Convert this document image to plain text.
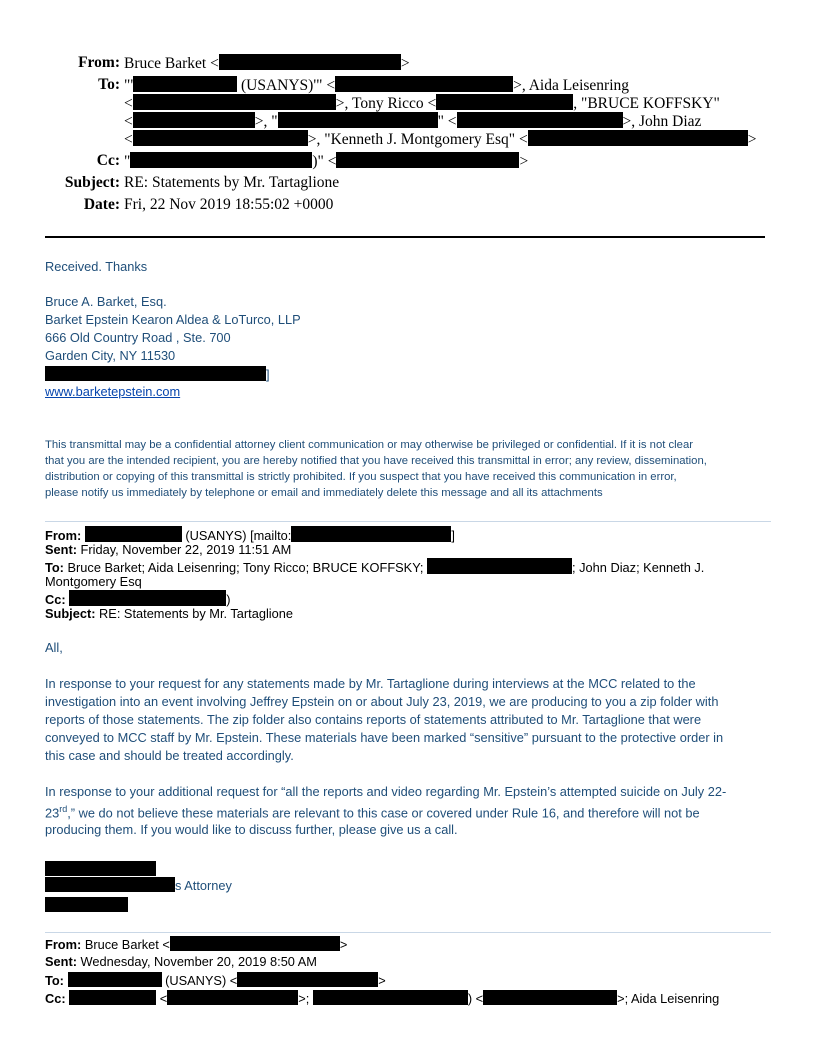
From: Bruce Barket <	>
To: "'	(USANYS)'" <	>, Aida Leisenring
<	>, Tony Ricco <	, "BRUCE KOFFSKY"
<	>, "	" <	>, John Diaz
<	>, "Kenneth J. Montgomery Esq" <	>
Cc: "	)" <	>
Subject: RE: Statements by Mr. Tartaglione
Date: Fri, 22 Nov 2019 18:55:02 +0000
Received. Thanks
Bruce A. Barket, Esq.
Barket Epstein Kearon Aldea & LoTurco, LLP
666 Old Country Road , Ste. 700
Garden City, NY 11530
]
www.barketepstein.com
This transmittal may be a confidential attorney client communication or may otherwise be privileged or confidential. If it is not clear
that you are the intended recipient, you are hereby notified that you have received this transmittal in error; any review, dissemination,
distribution or copying of this transmittal is strictly prohibited. If you suspect that you have received this communication in error,
please notify us immediately by telephone or email and immediately delete this message and all its attachments
From:	(USANYS) [mailto:	]
Sent: Friday, November 22, 2019 11:51 AM
To: Bruce Barket; Aida Leisenring; Tony Ricco; BRUCE KOFFSKY;	; John Diaz; Kenneth J.
Montgomery Esq
Cc:	)
Subject: RE: Statements by Mr. Tartaglione
All,
In response to your request for any statements made by Mr. Tartaglione during interviews at the MCC related to the
investigation into an event involving Jeffrey Epstein on or about July 23, 2019, we are producing to you a zip folder with
reports of those statements. The zip folder also contains reports of statements attributed to Mr. Tartaglione that were
conveyed to MCC staff by Mr. Epstein. These materials have been marked “sensitive” pursuant to the protective order in
this case and should be treated accordingly.
In response to your additional request for “all the reports and video regarding Mr. Epstein’s attempted suicide on July 22-
23rd,” we do not believe these materials are relevant to this case or covered under Rule 16, and therefore will not be
producing them. If you would like to discuss further, please give us a call.
s Attorney
From: Bruce Barket <	>
Sent: Wednesday, November 20, 2019 8:50 AM
To:	(USANYS) <	>
Cc:	<	>;	) <	>; Aida Leisenring
